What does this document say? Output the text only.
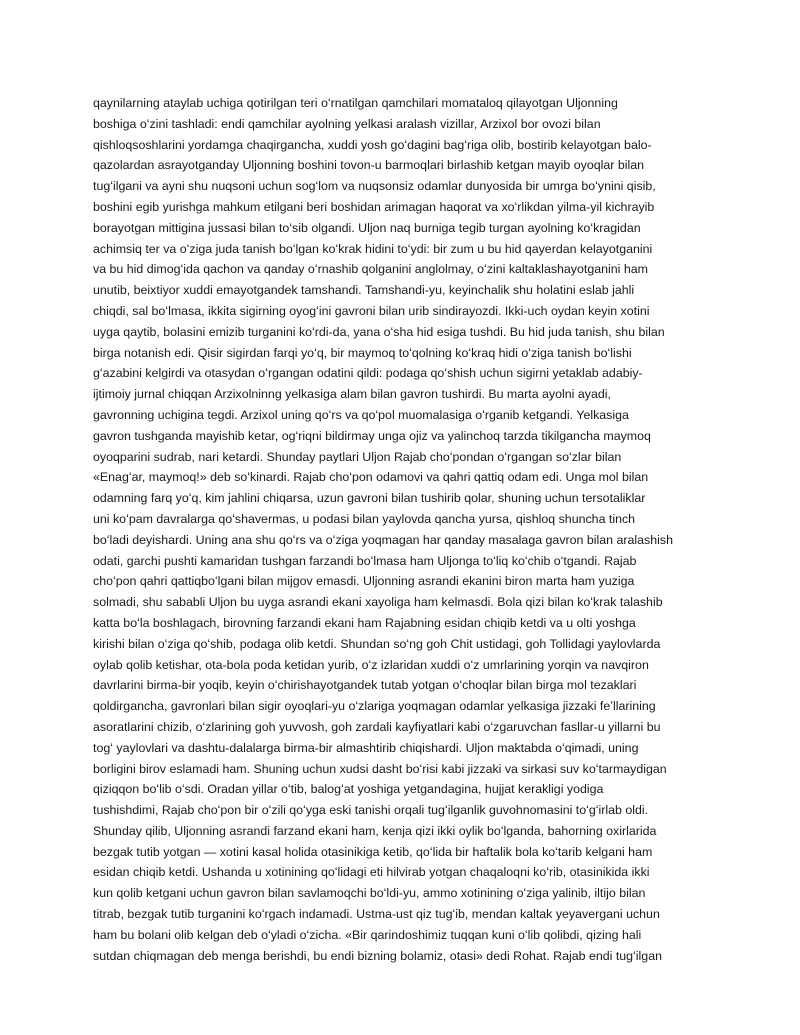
qaynilarning ataylab uchiga qotirilgan teri oʻrnatilgan qamchilari momataloq qilayotgan Uljonning
boshiga oʻzini tashladi: endi qamchilar ayolning yelkasi aralash vizillar, Arzixol bor ovozi bilan
qishloqsoshlarini yordamga chaqirgancha, xuddi yosh goʻdagini bagʻriga olib, bostirib kelayotgan balo-
qazolardan asrayotganday Uljonning boshini tovon-u barmoqlari birlashib ketgan mayib oyoqlar bilan
tugʻilgani va ayni shu nuqsoni uchun sogʻlom va nuqsonsiz odamlar dunyosida bir umrga boʻynini qisib,
boshini egib yurishga mahkum etilgani beri boshidan arimagan haqorat va xoʻrlikdan yilma-yil kichrayib
borayotgan mittigina jussasi bilan toʻsib olgandi. Uljon naq burniga tegib turgan ayolning koʻkragidan
achimsiq ter va oʻziga juda tanish boʻlgan koʻkrak hidini toʻydi: bir zum u bu hid qayerdan kelayotganini
va bu hid dimogʻida qachon va qanday oʻrnashib qolganini anglolmay, oʻzini kaltaklashayotganini ham
unutib, beixtiyor xuddi emayotgandek tamshandi. Tamshandi-yu, keyinchalik shu holatini eslab jahli
chiqdi, sal boʻlmasa, ikkita sigirning oyogʻini gavroni bilan urib sindirayozdi. Ikki-uch oydan keyin xotini
uyga qaytib, bolasini emizib turganini koʻrdi-da, yana oʻsha hid esiga tushdi. Bu hid juda tanish, shu bilan
birga notanish edi. Qisir sigirdan farqi yoʻq, bir maymoq toʻqolning koʻkraq hidi oʻziga tanish boʻlishi
gʻazabini kelgirdi va otasydan oʻrgangan odatini qildi: podaga qoʻshish uchun sigirni yetaklab adabiy-
ijtimoiy jurnal chiqqan Arzixolninng yelkasiga alam bilan gavron tushirdi. Bu marta ayolni ayadi,
gavronning uchigina tegdi. Arzixol uning qoʻrs va qoʻpol muomalasiga oʻrganib ketgandi. Yelkasiga
gavron tushganda mayishib ketar, ogʻriqni bildirmay unga ojiz va yalinchoq tarzda tikilgancha maymoq
oyoqparini sudrab, nari ketardi. Shunday paytlari Uljon Rajab choʻpondan oʻrgangan soʻzlar bilan
«Enagʻar, maymoq!» deb soʻkinardi. Rajab choʻpon odamovi va qahri qattiq odam edi. Unga mol bilan
odamning farq yoʻq, kim jahlini chiqarsa, uzun gavroni bilan tushirib qolar, shuning uchun tersotaliklar
uni koʻpam davralarga qoʻshavermas, u podasi bilan yaylovda qancha yursa, qishloq shuncha tinch
boʻladi deyishardi. Uning ana shu qoʻrs va oʻziga yoqmagan har qanday masalaga gavron bilan aralashish
odati, garchi pushti kamaridan tushgan farzandi boʻlmasa ham Uljonga toʻliq koʻchib oʻtgandi. Rajab
choʻpon qahri qattiqboʻlgani bilan mijgov emasdi. Uljonning asrandi ekanini biron marta ham yuziga
solmadi, shu sababli Uljon bu uyga asrandi ekani xayoliga ham kelmasdi. Bola qizi bilan koʻkrak talashib
katta boʻla boshlagach, birovning farzandi ekani ham Rajabning esidan chiqib ketdi va u olti yoshga
kirishi bilan oʻziga qoʻshib, podaga olib ketdi. Shundan soʻng goh Chit ustidagi, goh Tollidagi yaylovlarda
oylab qolib ketishar, ota-bola poda ketidan yurib, oʻz izlaridan xuddi oʻz umrlarining yorqin va navqiron
davrlarini birma-bir yoqib, keyin oʻchirishayotgandek tutab yotgan oʻchoqlar bilan birga mol tezaklari
qoldirgancha, gavronlari bilan sigir oyoqlari-yu oʻzlariga yoqmagan odamlar yelkasiga jizzaki feʼllarining
asoratlarini chizib, oʻzlarining goh yuvvosh, goh zardali kayfiyatlari kabi oʻzgaruvchan fasllar-u yillarni bu
togʻ yaylovlari va dashtu-dalalarga birma-bir almashtirib chiqishardi. Uljon maktabda oʻqimadi, uning
borligini birov eslamadi ham. Shuning uchun xudsi dasht boʻrisi kabi jizzaki va sirkasi suv koʻtarmaydigan
qiziqqon boʻlib oʻsdi. Oradan yillar oʻtib, balogʻat yoshiga yetgandagina, hujjat kerakligi yodiga
tushishdimi, Rajab choʻpon bir oʻzili qoʻyga eski tanishi orqali tugʻilganlik guvohnomasini toʻgʻirlab oldi.
Shunday qilib, Uljonning asrandi farzand ekani ham, kenja qizi ikki oylik boʻlganda, bahorning oxirlarida
bezgak tutib yotgan — xotini kasal holida otasinikiga ketib, qoʻlida bir haftalik bola koʻtarib kelgani ham
esidan chiqib ketdi. Ushanda u xotinining qoʻlidagi eti hilvirab yotgan chaqaloqni koʻrib, otasinikida ikki
kun qolib ketgani uchun gavron bilan savlamoqchi boʻldi-yu, ammo xotinining oʻziga yalinib, iltijo bilan
titrab, bezgak tutib turganini koʻrgach indamadi. Ustma-ust qiz tugʻib, mendan kaltak yeyavergani uchun
ham bu bolani olib kelgan deb oʻyladi oʻzicha. «Bir qarindoshimiz tuqqan kuni oʻlib qolibdi, qizing hali
sutdan chiqmagan deb menga berishdi, bu endi bizning bolamiz, otasi» dedi Rohat. Rajab endi tugʻilgan
